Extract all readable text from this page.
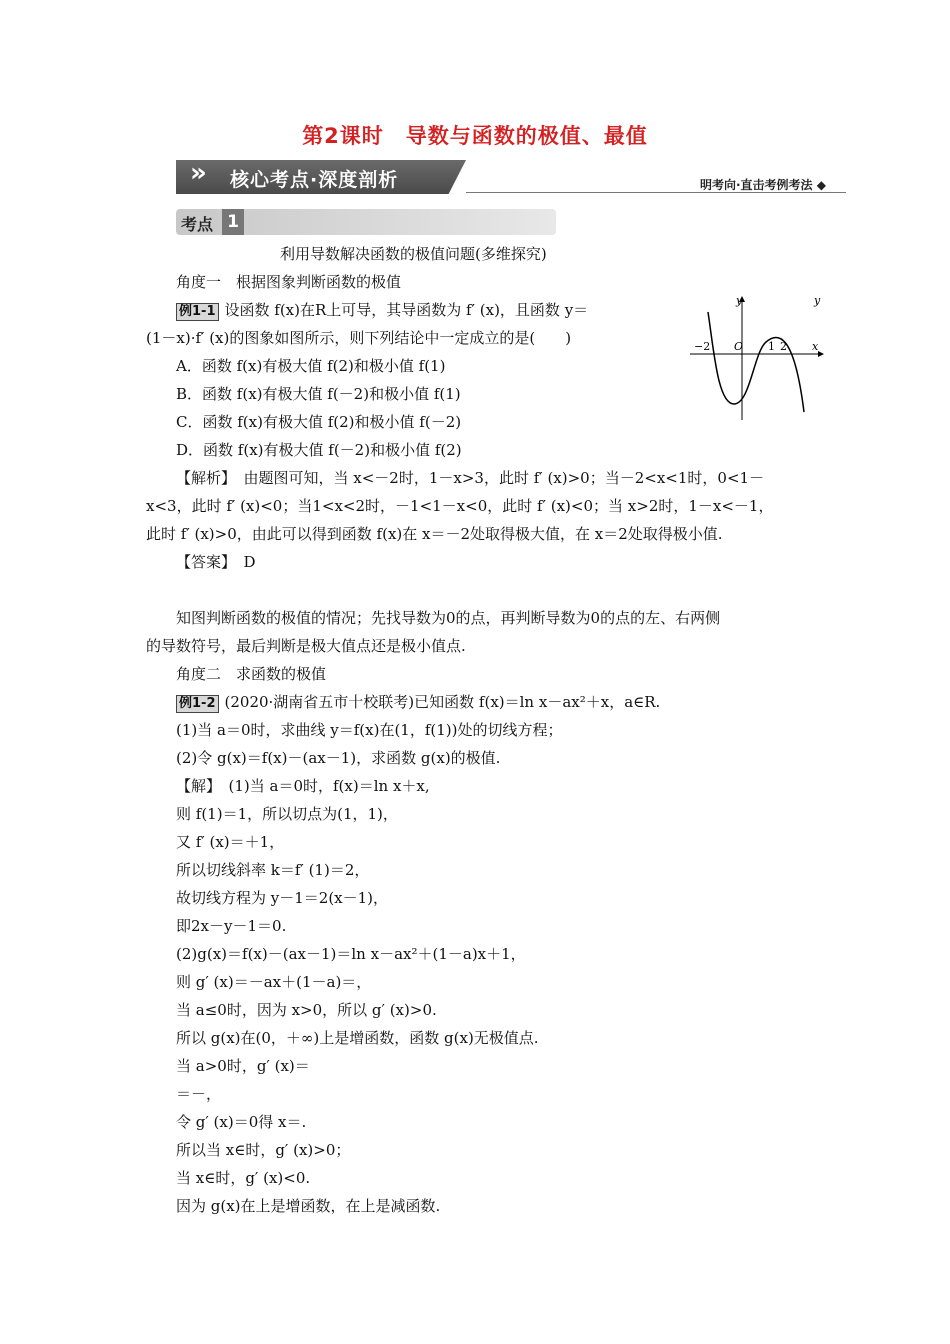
第2课时　导数与函数的极值、最值
» 核心考点·深度剖析	明考向·直击考例考法 ◆
考点 1
利用导数解决函数的极值问题(多维探究)
角度一　根据图象判断函数的极值
例1-1 设函数 f(x)在R上可导，其导函数为 f′ (x)，且函数 y＝
(1－x)·f′ (x)的图象如图所示，则下列结论中一定成立的是(　　)
A．函数 f(x)有极大值 f(2)和极小值 f(1)
B．函数 f(x)有极大值 f(－2)和极小值 f(1)
C．函数 f(x)有极大值 f(2)和极小值 f(－2)
D．函数 f(x)有极大值 f(－2)和极小值 f(2)
y
y
x
O
−2	1 2
【解析】　由题图可知，当 x<－2时，1－x>3，此时 f′ (x)>0；当－2<x<1时，0<1－
x<3，此时 f′ (x)<0；当1<x<2时，－1<1－x<0，此时 f′ (x)<0；当 x>2时，1－x<－1，
此时 f′ (x)>0，由此可以得到函数 f(x)在 x＝－2处取得极大值，在 x＝2处取得极小值.
【答案】　D
知图判断函数的极值的情况；先找导数为0的点，再判断导数为0的点的左、右两侧
的导数符号，最后判断是极大值点还是极小值点.
角度二　求函数的极值
例1-2 (2020·湖南省五市十校联考)已知函数 f(x)＝ln x－ax²＋x，a∈R.
(1)当 a＝0时，求曲线 y＝f(x)在(1，f(1))处的切线方程；
(2)令 g(x)＝f(x)－(ax－1)，求函数 g(x)的极值.
【解】　(1)当 a＝0时，f(x)＝ln x＋x,
则 f(1)＝1，所以切点为(1，1)，
又 f′ (x)＝＋1，
所以切线斜率 k＝f′ (1)＝2，
故切线方程为 y－1＝2(x－1)，
即2x－y－1＝0.
(2)g(x)＝f(x)－(ax－1)＝ln x－ax²＋(1－a)x＋1，
则 g′ (x)＝－ax＋(1－a)＝，
当 a≤0时，因为 x>0，所以 g′ (x)>0.
所以 g(x)在(0，＋∞)上是增函数，函数 g(x)无极值点.
当 a>0时，g′ (x)＝
＝－，
令 g′ (x)＝0得 x＝.
所以当 x∈时，g′ (x)>0；
当 x∈时，g′ (x)<0.
因为 g(x)在上是增函数，在上是减函数.
